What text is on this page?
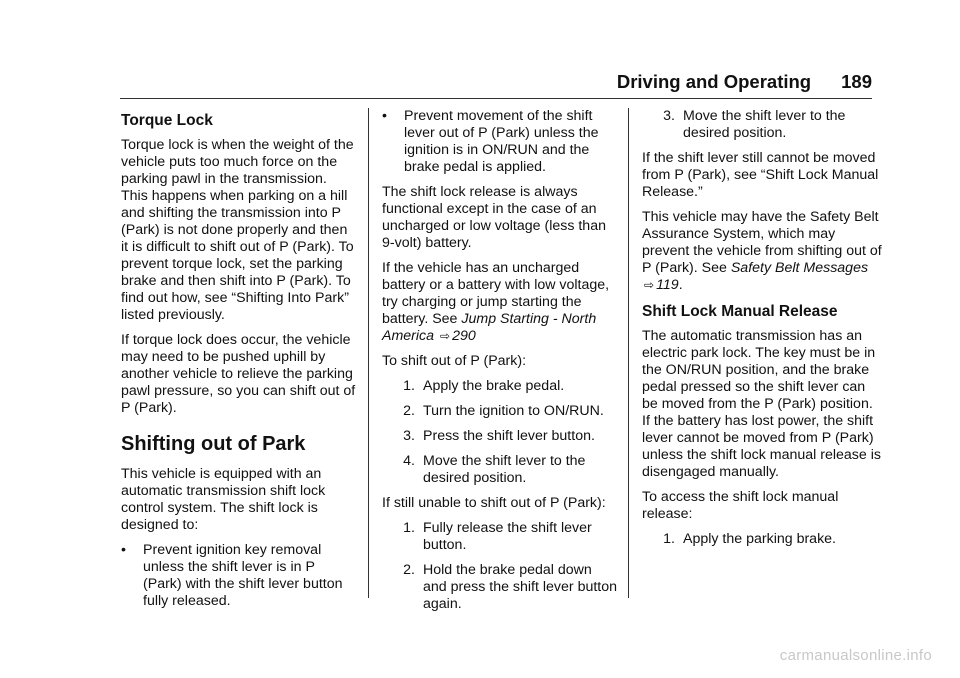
Driving and Operating 189
Torque Lock

Torque lock is when the weight of the vehicle puts too much force on the parking pawl in the transmission. This happens when parking on a hill and shifting the transmission into P (Park) is not done properly and then it is difficult to shift out of P (Park). To prevent torque lock, set the parking brake and then shift into P (Park). To find out how, see “Shifting Into Park” listed previously.

If torque lock does occur, the vehicle may need to be pushed uphill by another vehicle to relieve the parking pawl pressure, so you can shift out of P (Park).

Shifting out of Park

This vehicle is equipped with an automatic transmission shift lock control system. The shift lock is designed to:

•	Prevent ignition key removal unless the shift lever is in P (Park) with the shift lever button fully released.
•	Prevent movement of the shift lever out of P (Park) unless the ignition is in ON/RUN and the brake pedal is applied.

The shift lock release is always functional except in the case of an uncharged or low voltage (less than 9-volt) battery.

If the vehicle has an uncharged battery or a battery with low voltage, try charging or jump starting the battery. See Jump Starting - North America ⇨ 290

To shift out of P (Park):

1. Apply the brake pedal.
2. Turn the ignition to ON/RUN.
3. Press the shift lever button.
4. Move the shift lever to the desired position.

If still unable to shift out of P (Park):

1. Fully release the shift lever button.
2. Hold the brake pedal down and press the shift lever button again.
3. Move the shift lever to the desired position.

If the shift lever still cannot be moved from P (Park), see “Shift Lock Manual Release.”

This vehicle may have the Safety Belt Assurance System, which may prevent the vehicle from shifting out of P (Park). See Safety Belt Messages ⇨ 119.

Shift Lock Manual Release

The automatic transmission has an electric park lock. The key must be in the ON/RUN position, and the brake pedal pressed so the shift lever can be moved from the P (Park) position. If the battery has lost power, the shift lever cannot be moved from P (Park) unless the shift lock manual release is disengaged manually.

To access the shift lock manual release:

1. Apply the parking brake.
carmanualsonline.info
